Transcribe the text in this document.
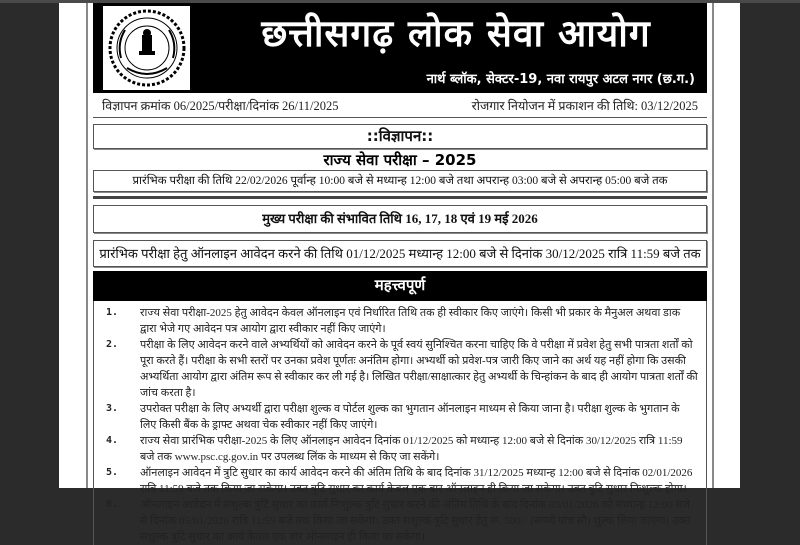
छत्तीसगढ़ लोक सेवा आयोग
नार्थ ब्लॉक, सेक्टर-19, नवा रायपुर अटल नगर (छ.ग.)
विज्ञापन क्रमांक 06/2025/परीक्षा/दिनांक 26/11/2025	रोजगार नियोजन में प्रकाशन की तिथि: 03/12/2025
::विज्ञापन::
राज्य सेवा परीक्षा – 2025
प्रारंभिक परीक्षा की तिथि 22/02/2026 पूर्वान्ह 10:00 बजे से मध्यान्ह 12:00 बजे तथा अपरान्ह 03:00 बजे से अपरान्ह 05:00 बजे तक
मुख्य परीक्षा की संभावित तिथि 16, 17, 18 एवं 19 मई 2026
प्रारंभिक परीक्षा हेतु ऑनलाइन आवेदन करने की तिथि 01/12/2025 मध्यान्ह 12:00 बजे से दिनांक 30/12/2025 रात्रि 11:59 बजे तक
महत्त्वपूर्ण
1.	राज्य सेवा परीक्षा-2025 हेतु आवेदन केवल ऑनलाइन एवं निर्धारित तिथि तक ही स्वीकार किए जाएंगे। किसी भी प्रकार के मैनुअल अथवा डाक द्वारा भेजे गए आवेदन पत्र आयोग द्वारा स्वीकार नहीं किए जाएंगे।
2.	परीक्षा के लिए आवेदन करने वाले अभ्यर्थियों को आवेदन करने के पूर्व स्वयं सुनिश्चित करना चाहिए कि वे परीक्षा में प्रवेश हेतु सभी पात्रता शर्तों को पूरा करते हैं। परीक्षा के सभी स्तरों पर उनका प्रवेश पूर्णतः अनंतिम होगा। अभ्यर्थी को प्रवेश-पत्र जारी किए जाने का अर्थ यह नहीं होगा कि उसकी अभ्यर्थिता आयोग द्वारा अंतिम रूप से स्वीकार कर ली गई है। लिखित परीक्षा/साक्षात्कार हेतु अभ्यर्थी के चिन्हांकन के बाद ही आयोग पात्रता शर्तों की जांच करता है।
3.	उपरोक्त परीक्षा के लिए अभ्यर्थी द्वारा परीक्षा शुल्क व पोर्टल शुल्क का भुगतान ऑनलाइन माध्यम से किया जाना है। परीक्षा शुल्क के भुगतान के लिए किसी बैंक के ड्राफ्ट अथवा चेक स्वीकार नहीं किए जाएंगे।
4.	राज्य सेवा प्रारंभिक परीक्षा-2025 के लिए ऑनलाइन आवेदन दिनांक 01/12/2025 को मध्यान्ह 12:00 बजे से दिनांक 30/12/2025 रात्रि 11:59 बजे तक www.psc.cg.gov.in पर उपलब्ध लिंक के माध्यम से किए जा सकेंगे।
5.	ऑनलाइन आवेदन में त्रुटि सुधार का कार्य आवेदन करने की अंतिम तिथि के बाद दिनांक 31/12/2025 मध्यान्ह 12:00 बजे से दिनांक 02/01/2026 रात्रि 11:59 बजे तक किया जा सकेगा। उक्त त्रुटि सुधार का कार्य केवल एक बार ऑनलाइन ही किया जा सकेगा। उक्त त्रुटि सुधार निःशुल्क होगा।
6.	ऑनलाइन आवेदन में सशुल्क त्रुटि सुधार का कार्य निःशुल्क त्रुटि सुधार करने की अंतिम तिथि के बाद दिनांक 03/01/2026 को मध्यान्ह 12:00 बजे से दिनांक 05/01/2026 रात्रि 11:59 बजे तक किया जा सकेगा। उक्त सशुल्क त्रुटि सुधार हेतु रू. 500/- (रूपये पांच सौ) शुल्क लिया जाएगा। उक्त सशुल्क त्रुटि सुधार का कार्य केवल एक बार ऑनलाइन ही किया जा सकेगा।
